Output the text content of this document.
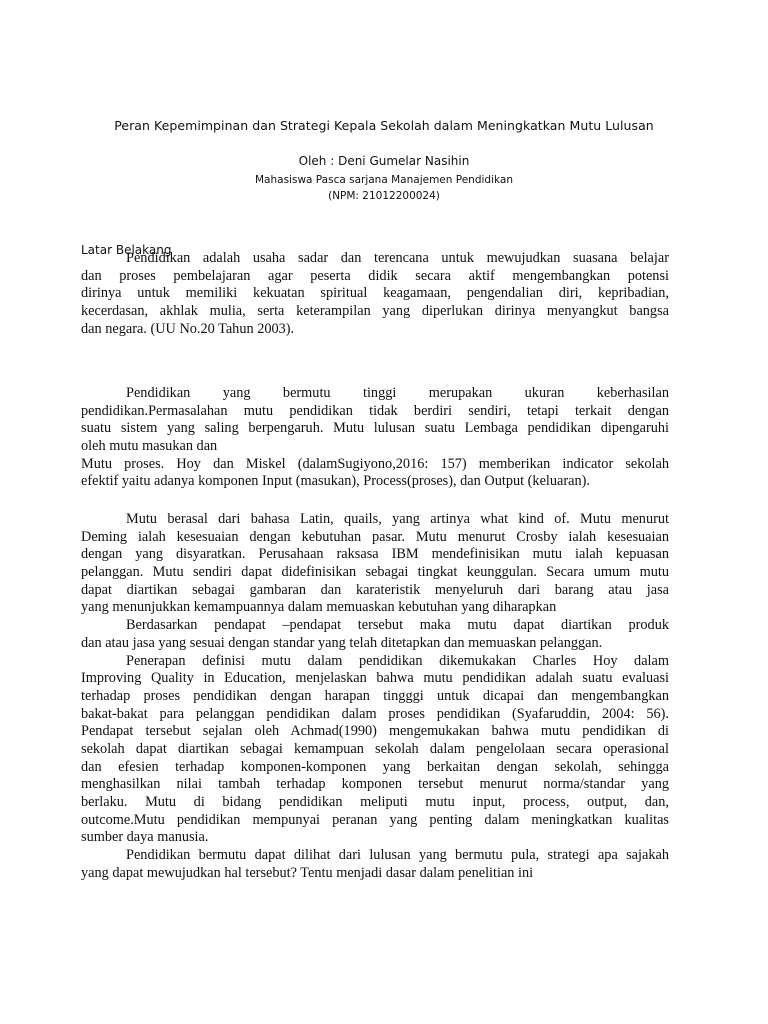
Peran Kepemimpinan dan Strategi Kepala Sekolah dalam Meningkatkan Mutu Lulusan
Oleh : Deni Gumelar Nasihin
Mahasiswa Pasca sarjana Manajemen Pendidikan
(NPM: 21012200024)
Latar Belakang
Pendidikan adalah usaha sadar dan terencana untuk mewujudkan suasana belajar
dan proses pembelajaran agar peserta didik secara aktif mengembangkan potensi
dirinya untuk memiliki kekuatan spiritual keagamaan, pengendalian diri, kepribadian,
kecerdasan, akhlak mulia, serta keterampilan yang diperlukan dirinya menyangkut bangsa
dan negara. (UU No.20 Tahun 2003).
Pendidikan yang bermutu tinggi merupakan ukuran keberhasilan
pendidikan.Permasalahan mutu pendidikan tidak berdiri sendiri, tetapi terkait dengan
suatu sistem yang saling berpengaruh. Mutu lulusan suatu Lembaga pendidikan dipengaruhi
oleh mutu masukan dan
Mutu proses. Hoy dan Miskel (dalamSugiyono,2016: 157) memberikan indicator sekolah
efektif yaitu adanya komponen Input (masukan), Process(proses), dan Output (keluaran).
Mutu berasal dari bahasa Latin, quails, yang artinya what kind of. Mutu menurut
Deming ialah kesesuaian dengan kebutuhan pasar. Mutu menurut Crosby ialah kesesuaian
dengan yang disyaratkan. Perusahaan raksasa IBM mendefinisikan mutu ialah kepuasan
pelanggan. Mutu sendiri dapat didefinisikan sebagai tingkat keunggulan. Secara umum mutu
dapat diartikan sebagai gambaran dan karateristik menyeluruh dari barang atau jasa
yang menunjukkan kemampuannya dalam memuaskan kebutuhan yang diharapkan
Berdasarkan pendapat –pendapat tersebut maka mutu dapat diartikan produk
dan atau jasa yang sesuai dengan standar yang telah ditetapkan dan memuaskan pelanggan.
Penerapan definisi mutu dalam pendidikan dikemukakan Charles Hoy dalam
Improving Quality in Education, menjelaskan bahwa mutu pendidikan adalah suatu evaluasi
terhadap proses pendidikan dengan harapan tingggi untuk dicapai dan mengembangkan
bakat-bakat para pelanggan pendidikan dalam proses pendidikan (Syafaruddin, 2004: 56).
Pendapat tersebut sejalan oleh Achmad(1990) mengemukakan bahwa mutu pendidikan di
sekolah dapat diartikan sebagai kemampuan sekolah dalam pengelolaan secara operasional
dan efesien terhadap komponen-komponen yang berkaitan dengan sekolah, sehingga
menghasilkan nilai tambah terhadap komponen tersebut menurut norma/standar yang
berlaku. Mutu di bidang pendidikan meliputi mutu input, process, output, dan,
outcome.Mutu pendidikan mempunyai peranan yang penting dalam meningkatkan kualitas
sumber daya manusia.
Pendidikan bermutu dapat dilihat dari lulusan yang bermutu pula, strategi apa sajakah
yang dapat mewujudkan hal tersebut? Tentu menjadi dasar dalam penelitian ini
